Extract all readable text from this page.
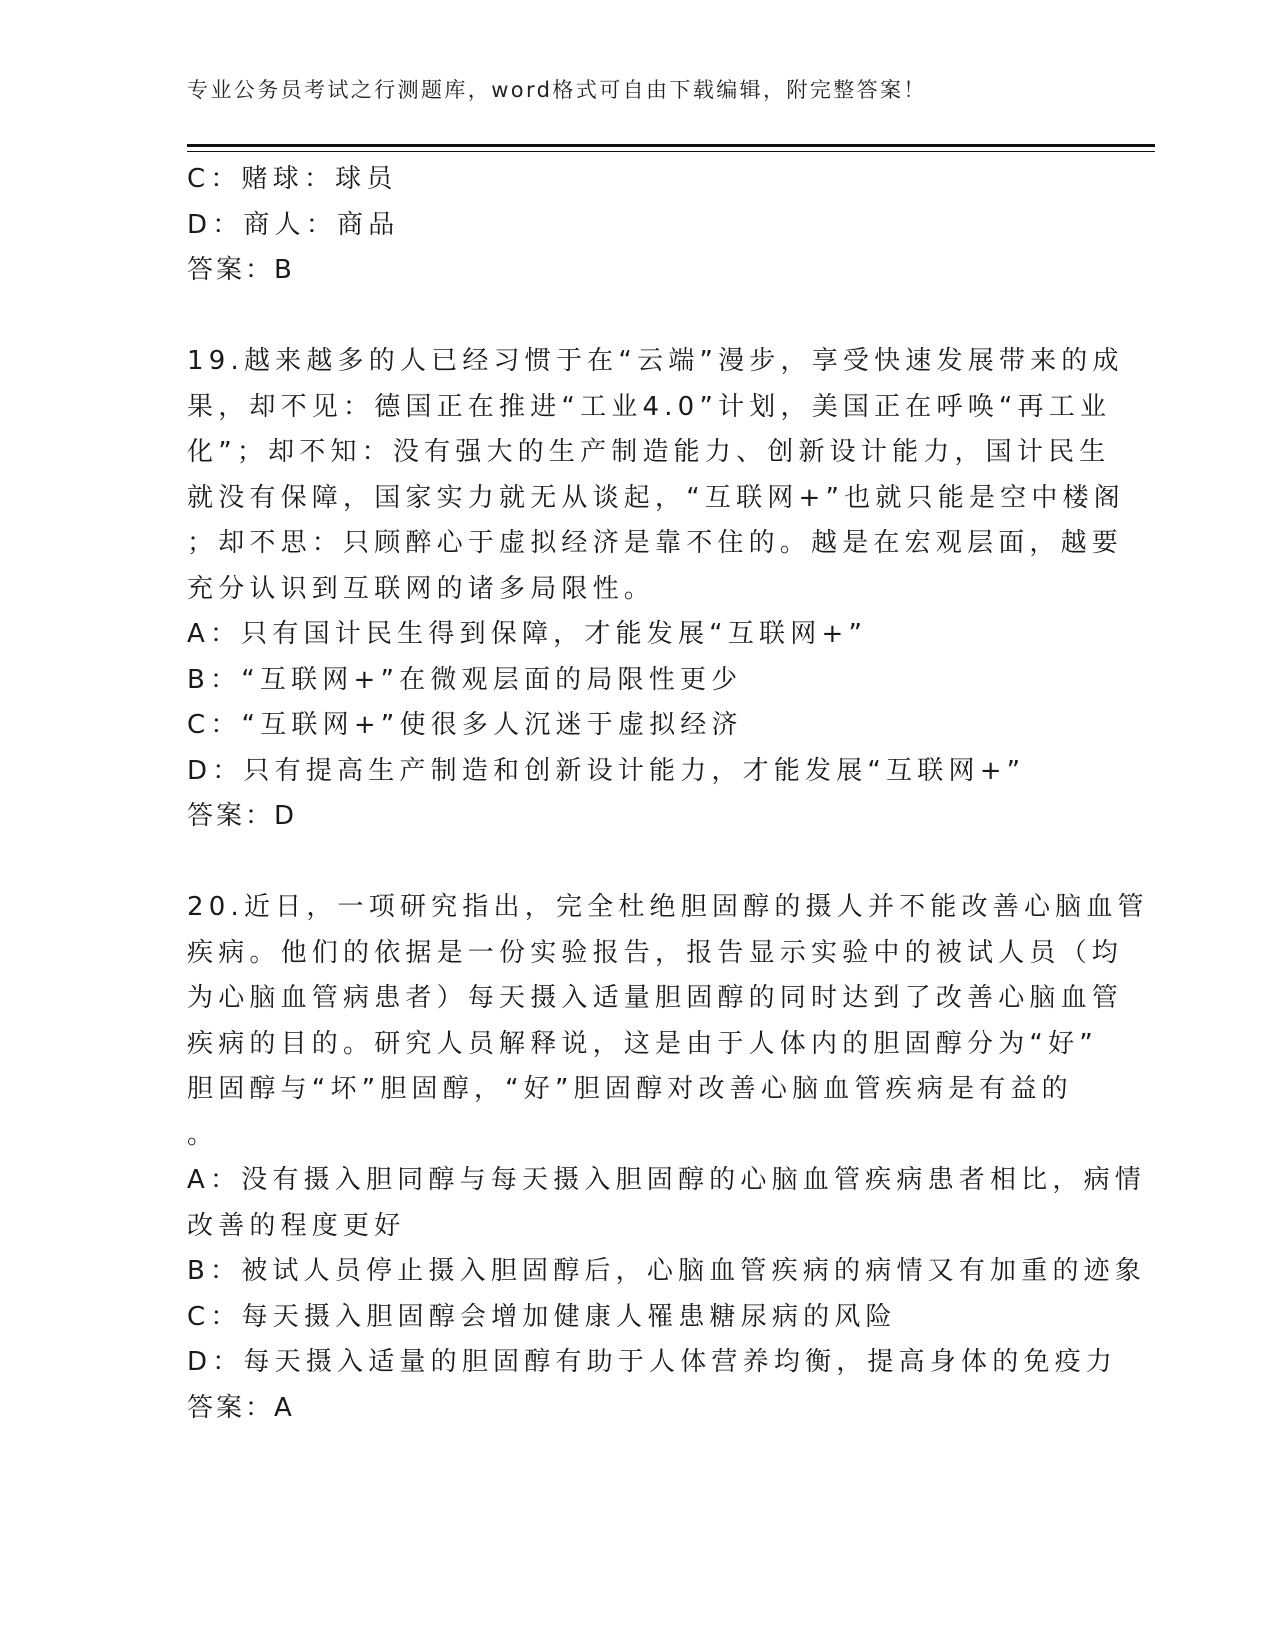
专业公务员考试之行测题库，word格式可自由下载编辑，附完整答案！
C：赌球：球员
D：商人：商品
答案：B
19.越来越多的人已经习惯于在“云端”漫步，享受快速发展带来的成
果，却不见：德国正在推进“工业4.0”计划，美国正在呼唤“再工业
化”；却不知：没有强大的生产制造能力、创新设计能力，国计民生
就没有保障，国家实力就无从谈起，“互联网+”也就只能是空中楼阁
；却不思：只顾醉心于虚拟经济是靠不住的。越是在宏观层面，越要
充分认识到互联网的诸多局限性。
A：只有国计民生得到保障，才能发展“互联网+”
B：“互联网+”在微观层面的局限性更少
C：“互联网+”使很多人沉迷于虚拟经济
D：只有提高生产制造和创新设计能力，才能发展“互联网+”
答案：D
20.近日，一项研究指出，完全杜绝胆固醇的摄人并不能改善心脑血管
疾病。他们的依据是一份实验报告，报告显示实验中的被试人员（均
为心脑血管病患者）每天摄入适量胆固醇的同时达到了改善心脑血管
疾病的目的。研究人员解释说，这是由于人体内的胆固醇分为“好”
胆固醇与“坏”胆固醇，“好”胆固醇对改善心脑血管疾病是有益的
。
A：没有摄入胆同醇与每天摄入胆固醇的心脑血管疾病患者相比，病情
改善的程度更好
B：被试人员停止摄入胆固醇后，心脑血管疾病的病情又有加重的迹象
C：每天摄入胆固醇会增加健康人罹患糖尿病的风险
D：每天摄入适量的胆固醇有助于人体营养均衡，提高身体的免疫力
答案：A
